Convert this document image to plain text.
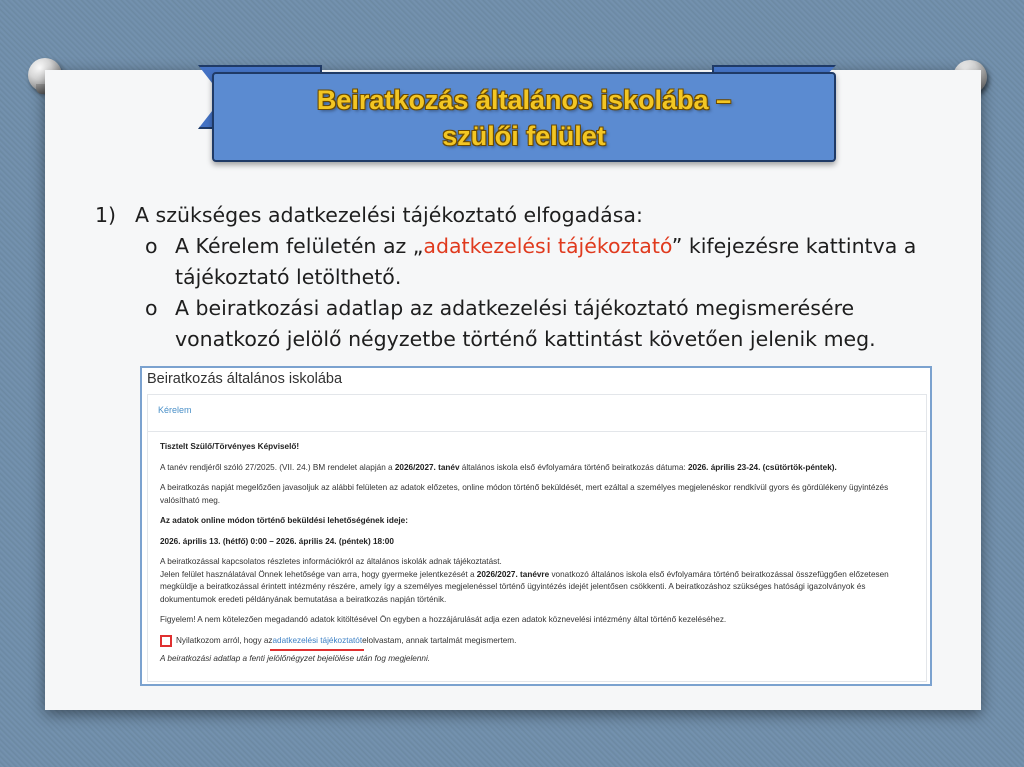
Beiratkozás általános iskolába –
szülői felület
1) A szükséges adatkezelési tájékoztató elfogadása:
o A Kérelem felületén az „adatkezelési tájékoztató” kifejezésre kattintva a tájékoztató letölthető.
o A beiratkozási adatlap az adatkezelési tájékoztató megismerésére vonatkozó jelölő négyzetbe történő kattintást követően jelenik meg.
Beiratkozás általános iskolába
Kérelem

Tisztelt Szülő/Törvényes Képviselő!

A tanév rendjéről szóló 27/2025. (VII. 24.) BM rendelet alapján a 2026/2027. tanév általános iskola első évfolyamára történő beiratkozás dátuma: 2026. április 23-24. (csütörtök-péntek).

A beiratkozás napját megelőzően javasoljuk az alábbi felületen az adatok előzetes, online módon történő beküldését, mert ezáltal a személyes megjelenéskor rendkívül gyors és gördülékeny ügyintézés valósítható meg.

Az adatok online módon történő beküldési lehetőségének ideje:

2026. április 13. (hétfő) 0:00 – 2026. április 24. (péntek) 18:00

A beiratkozással kapcsolatos részletes információkról az általános iskolák adnak tájékoztatást.
Jelen felület használatával Önnek lehetősége van arra, hogy gyermeke jelentkezését a 2026/2027. tanévre vonatkozó általános iskola első évfolyamára történő beiratkozással összefüggően előzetesen megküldje a beiratkozással érintett intézmény részére, amely így a személyes megjelenéssel történő ügyintézés idejét jelentősen csökkenti. A beiratkozáshoz szükséges hatósági igazolványok és dokumentumok eredeti példányának bemutatása a beiratkozás napján történik.

Figyelem! A nem kötelezően megadandó adatok kitöltésével Ön egyben a hozzájárulását adja ezen adatok köznevelési intézmény által történő kezeléséhez.

Nyilatkozom arról, hogy az adatkezelési tájékoztatót elolvastam, annak tartalmát megismertem.

A beiratkozási adatlap a fenti jelölőnégyzet bejelölése után fog megjelenni.
